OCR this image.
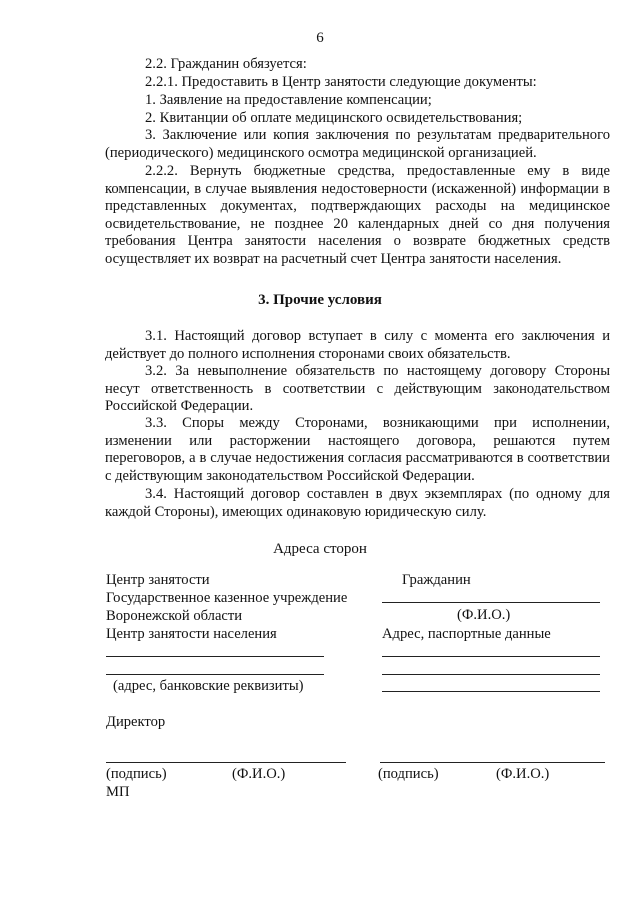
6
2.2. Гражданин обязуется:
2.2.1. Предоставить в Центр занятости следующие документы:
1. Заявление на предоставление компенсации;
2. Квитанции об оплате медицинского освидетельствования;
3. Заключение или копия заключения по результатам предварительного (периодического) медицинского осмотра медицинской организацией.
2.2.2. Вернуть бюджетные средства, предоставленные ему в виде компенсации, в случае выявления недостоверности (искаженной) информации в представленных документах, подтверждающих расходы на медицинское освидетельствование, не позднее 20 календарных дней со дня получения требования Центра занятости населения о возврате бюджетных средств осуществляет их возврат на расчетный счет Центра занятости населения.
3. Прочие условия
3.1. Настоящий договор вступает в силу с момента его заключения и действует до полного исполнения сторонами своих обязательств.
3.2. За невыполнение обязательств по настоящему договору Стороны несут ответственность в соответствии с действующим законодательством Российской Федерации.
3.3. Споры между Сторонами, возникающими при исполнении, изменении или расторжении настоящего договора, решаются путем переговоров, а в случае недостижения согласия рассматриваются в соответствии с действующим законодательством Российской Федерации.
3.4. Настоящий договор составлен в двух экземплярах (по одному для каждой Стороны), имеющих одинаковую юридическую силу.
Адреса сторон
Центр занятости
Государственное казенное учреждение
Воронежской области
Центр занятости населения
(адрес, банковские реквизиты)
Директор
(подпись)	(Ф.И.О.)
МП
Гражданин
(Ф.И.О.)
Адрес, паспортные данные
(подпись)	(Ф.И.О.)
